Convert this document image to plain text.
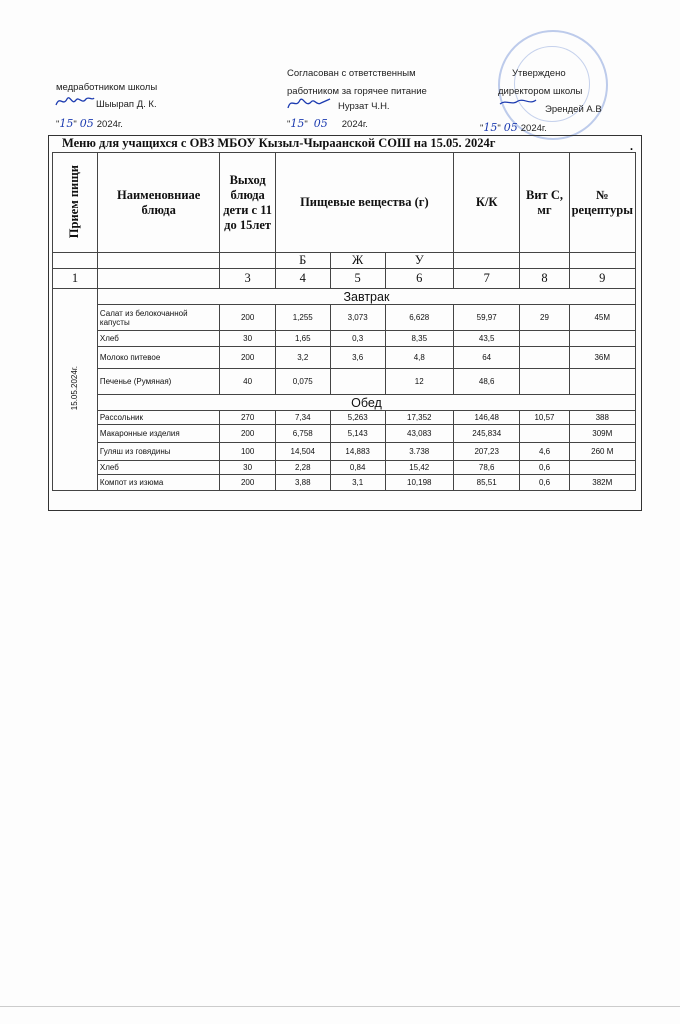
медработником школы
Шыырап Д. К.
"15" 05 2024г.
Согласован с ответственным
работником за горячее питание
Нурзат Ч.Н.
"15" 05 2024г.
Утверждено
директором школы
Эрендей А.В
"15" 05 2024г.
Меню для учащихся с ОВЗ МБОУ Кызыл-Чыраанской СОШ на 15.05. 2024г	.
Прием пищи	Наименовниае блюда	Выход блюда дети с 11 до 15лет	Пищевые вещества (г)			К/К	Вит С, мг	№ рецептуры
			Б	Ж	У			
1		3	4	5	6	7	8	9
15.05.2024г.	Завтрак							
	Салат из белокочанной капусты	200	1,255	3,073	6,628	59,97	29	45М
	Хлеб	30	1,65	0,3	8,35	43,5		
	Молоко питевое	200	3,2	3,6	4,8	64		36М
	Печенье (Румяная)	40	0,075		12	48,6		
	Обед							
	Рассольник	270	7,34	5,263	17,352	146,48	10,57	388
	Макаронные изделия	200	6,758	5,143	43,083	245,834		309М
	Гуляш из говядины	100	14,504	14,883	3.738	207,23	4,6	260 М
	Хлеб	30	2,28	0,84	15,42	78,6	0,6	
	Компот из изюма	200	3,88	3,1	10,198	85,51	0,6	382М
